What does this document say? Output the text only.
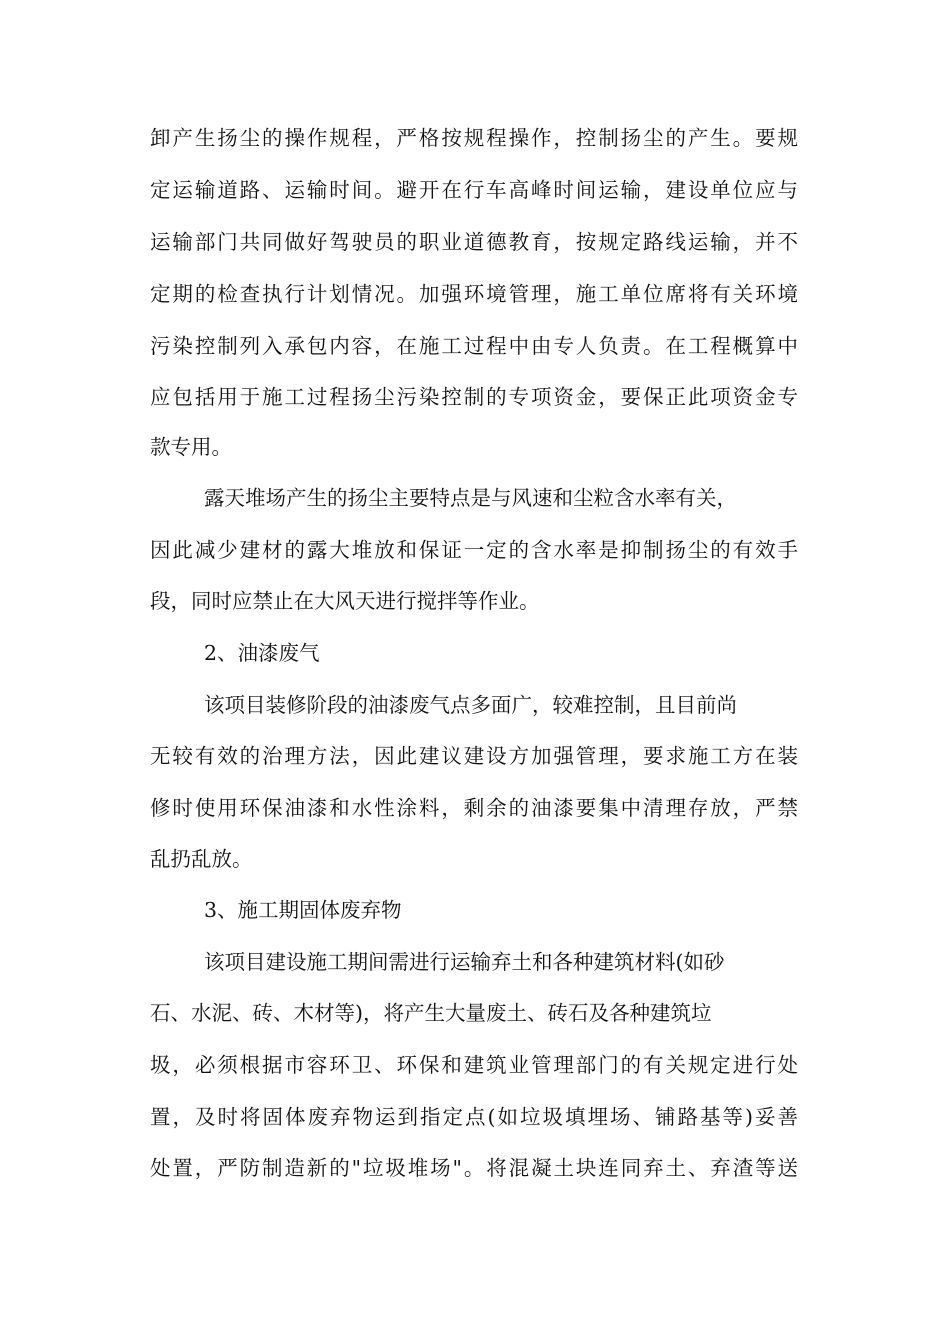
卸产生扬尘的操作规程，严格按规程操作，控制扬尘的产生。要规
定运输道路、运输时间。避开在行车高峰时间运输，建设单位应与
运输部门共同做好驾驶员的职业道德教育，按规定路线运输，并不
定期的检查执行计划情况。加强环境管理，施工单位席将有关环境
污染控制列入承包内容，在施工过程中由专人负责。在工程概算中
应包括用于施工过程扬尘污染控制的专项资金，要保正此项资金专
款专用。
露天堆场产生的扬尘主要特点是与风速和尘粒含水率有关，
因此减少建材的露大堆放和保证一定的含水率是抑制扬尘的有效手
段，同时应禁止在大风天进行搅拌等作业。
2、油漆废气
该项目装修阶段的油漆废气点多面广，较难控制，且目前尚
无较有效的治理方法，因此建议建设方加强管理，要求施工方在装
修时使用环保油漆和水性涂料，剩余的油漆要集中清理存放，严禁
乱扔乱放。
3、施工期固体废弃物
该项目建设施工期间需进行运输弃土和各种建筑材料(如砂
石、水泥、砖、木材等)，将产生大量废土、砖石及各种建筑垃
圾，必须根据市容环卫、环保和建筑业管理部门的有关规定进行处
置，及时将固体废弃物运到指定点(如垃圾填埋场、铺路基等)妥善
处置，严防制造新的"垃圾堆场"。将混凝土块连同弃土、弃渣等送
